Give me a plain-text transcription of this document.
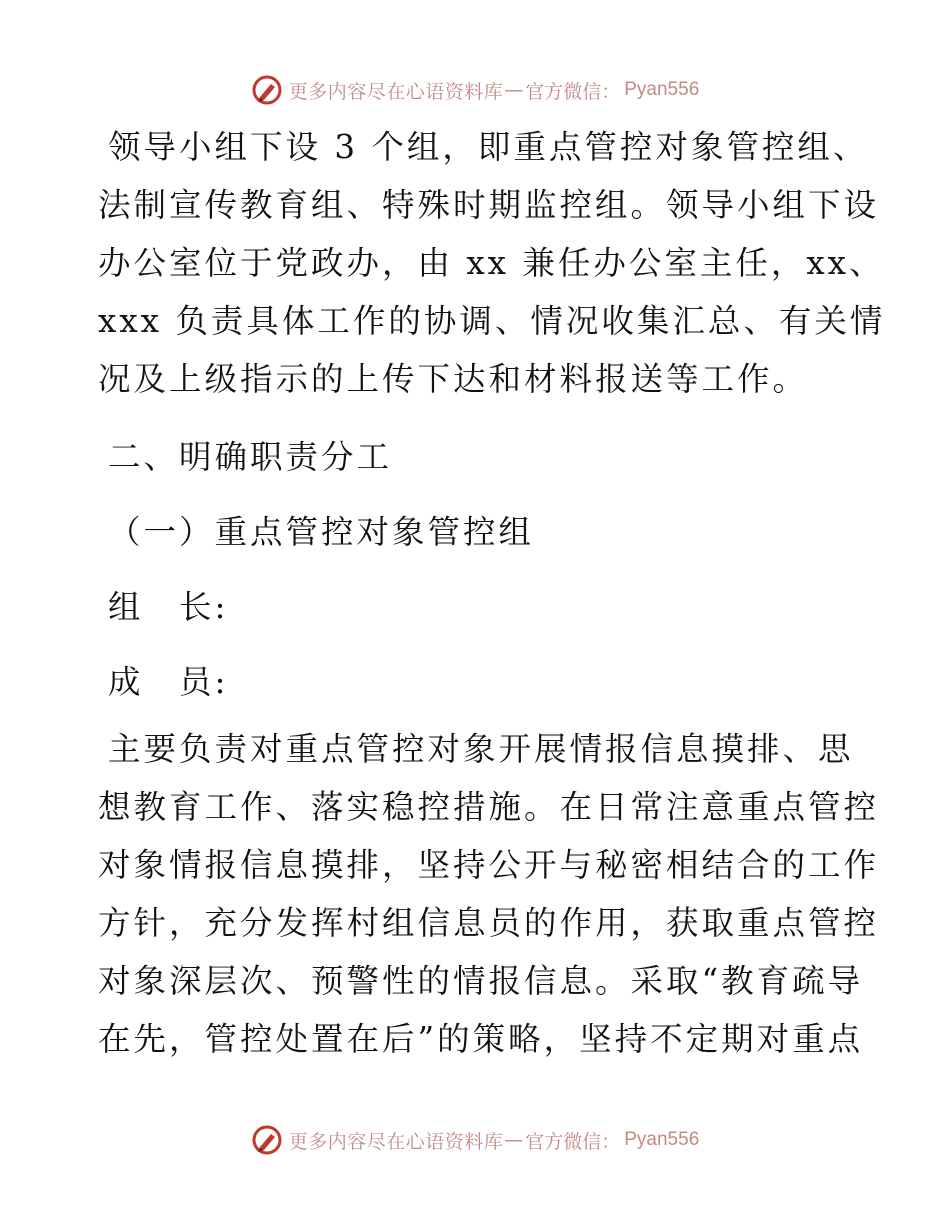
更多内容尽在心语资料库 — 官方微信： Pyan556

领导小组下设 3 个组，即重点管控对象管控组、
法制宣传教育组、特殊时期监控组。领导小组下设
办公室位于党政办，由 xx 兼任办公室主任，xx、
xxx 负责具体工作的协调、情况收集汇总、有关情
况及上级指示的上传下达和材料报送等工作。

二、明确职责分工

（一）重点管控对象管控组

组　长:

成　员:

主要负责对重点管控对象开展情报信息摸排、思
想教育工作、落实稳控措施。在日常注意重点管控
对象情报信息摸排，坚持公开与秘密相结合的工作
方针，充分发挥村组信息员的作用，获取重点管控
对象深层次、预警性的情报信息。采取“教育疏导
在先，管控处置在后”的策略，坚持不定期对重点

更多内容尽在心语资料库 — 官方微信： Pyan556
